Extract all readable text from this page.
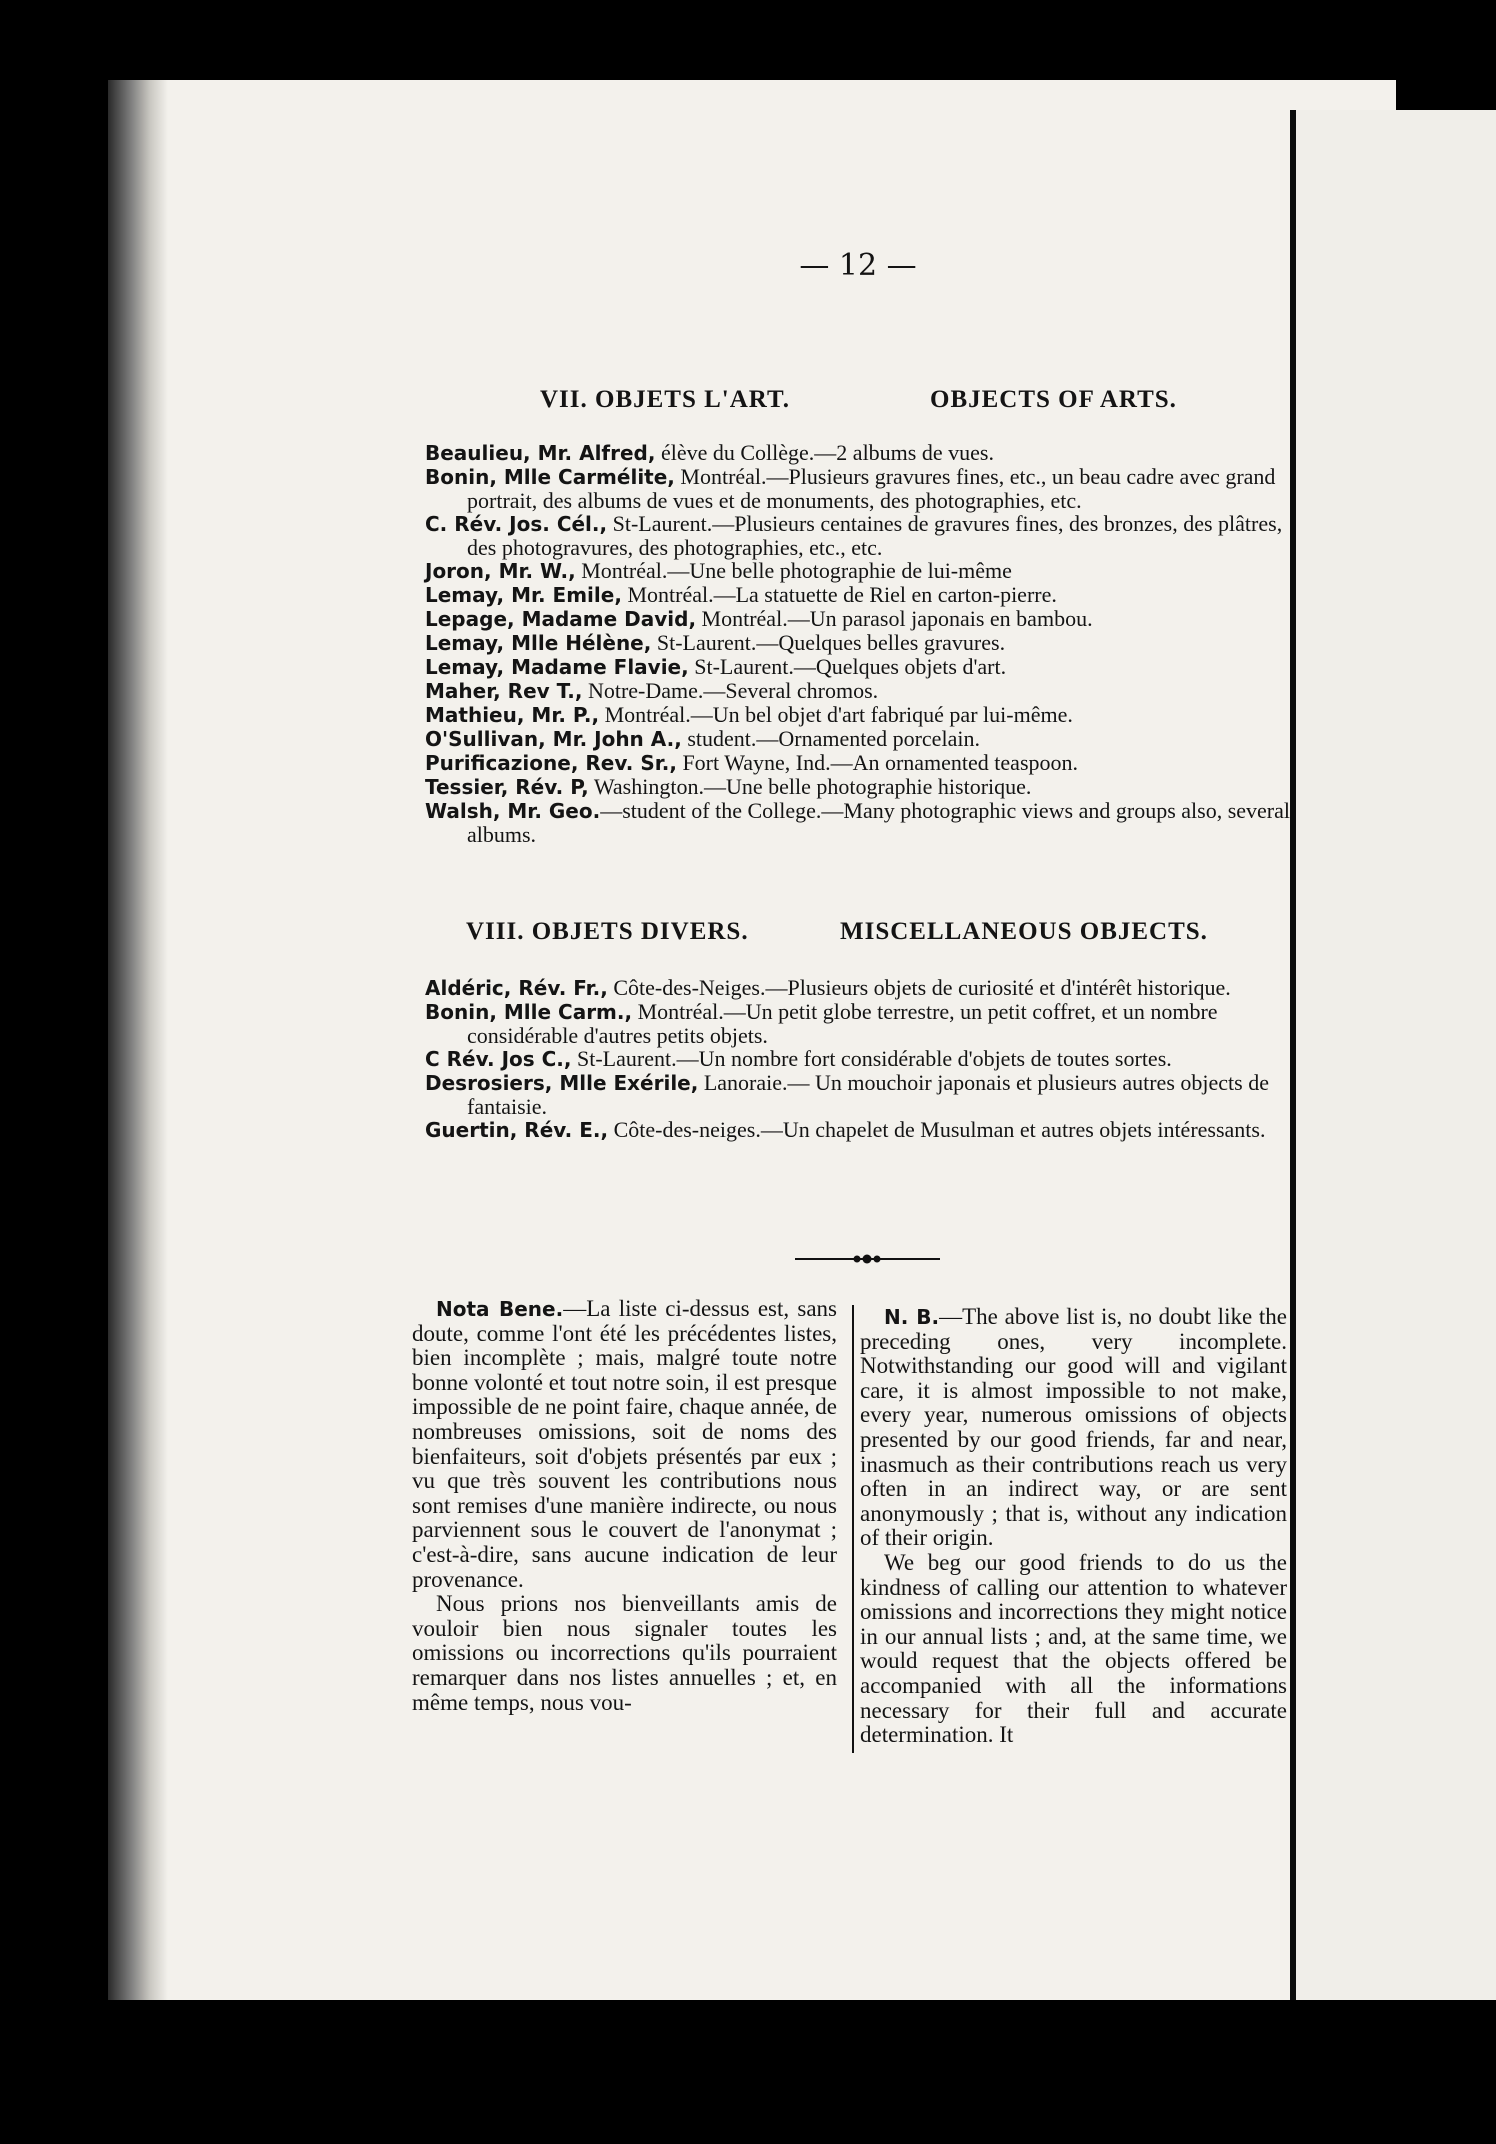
— 12 —
VII. OBJETS L'ART.	OBJECTS OF ARTS.

Beaulieu, Mr. Alfred, élève du Collège.—2 albums de vues.

Bonin, Mlle Carmélite, Montréal.—Plusieurs gravures fines, etc., un beau cadre avec grand portrait, des albums de vues et de monuments, des photographies, etc.

C. Rév. Jos. Cél., St-Laurent.—Plusieurs centaines de gravures fines, des bronzes, des plâtres, des photogravures, des photographies, etc., etc.

Joron, Mr. W., Montréal.—Une belle photographie de lui-même

Lemay, Mr. Emile, Montréal.—La statuette de Riel en carton-pierre.

Lepage, Madame David, Montréal.—Un parasol japonais en bambou.

Lemay, Mlle Hélène, St-Laurent.—Quelques belles gravures.

Lemay, Madame Flavie, St-Laurent.—Quelques objets d'art.

Maher, Rev T., Notre-Dame.—Several chromos.

Mathieu, Mr. P., Montréal.—Un bel objet d'art fabriqué par lui-même.

O'Sullivan, Mr. John A., student.—Ornamented porcelain.

Purificazione, Rev. Sr., Fort Wayne, Ind.—An ornamented teaspoon.

Tessier, Rév. P, Washington.—Une belle photographie historique.

Walsh, Mr. Geo.—student of the College.—Many photographic views and groups also, several albums.

VIII. OBJETS DIVERS.	MISCELLANEOUS OBJECTS.

Aldéric, Rév. Fr., Côte-des-Neiges.—Plusieurs objets de curiosité et d'intérêt historique.

Bonin, Mlle Carm., Montréal.—Un petit globe terrestre, un petit coffret, et un nombre considérable d'autres petits objets.

C Rév. Jos C., St-Laurent.—Un nombre fort considérable d'objets de toutes sortes.

Desrosiers, Mlle Exérile, Lanoraie.— Un mouchoir japonais et plusieurs autres objects de fantaisie.

Guertin, Rév. E., Côte-des-neiges.—Un chapelet de Musulman et autres objets intéressants.

Nota Bene.—La liste ci-dessus est, sans doute, comme l'ont été les précédentes listes, bien incomplète ; mais, malgré toute notre bonne volonté et tout notre soin, il est presque impossible de ne point faire, chaque année, de nombreuses omissions, soit de noms des bienfaiteurs, soit d'objets présentés par eux ; vu que très souvent les contributions nous sont remises d'une manière indirecte, ou nous parviennent sous le couvert de l'anonymat ; c'est-à-dire, sans aucune indication de leur provenance.

Nous prions nos bienveillants amis de vouloir bien nous signaler toutes les omissions ou incorrections qu'ils pourraient remarquer dans nos listes annuelles ; et, en même temps, nous vou-

N. B.—The above list is, no doubt like the preceding ones, very incomplete. Notwithstanding our good will and vigilant care, it is almost impossible to not make, every year, numerous omissions of objects presented by our good friends, far and near, inasmuch as their contributions reach us very often in an indirect way, or are sent anonymously ; that is, without any indication of their origin.

We beg our good friends to do us the kindness of calling our attention to whatever omissions and incorrections they might notice in our annual lists ; and, at the same time, we would request that the objects offered be accompanied with all the informations necessary for their full and accurate determination. It
